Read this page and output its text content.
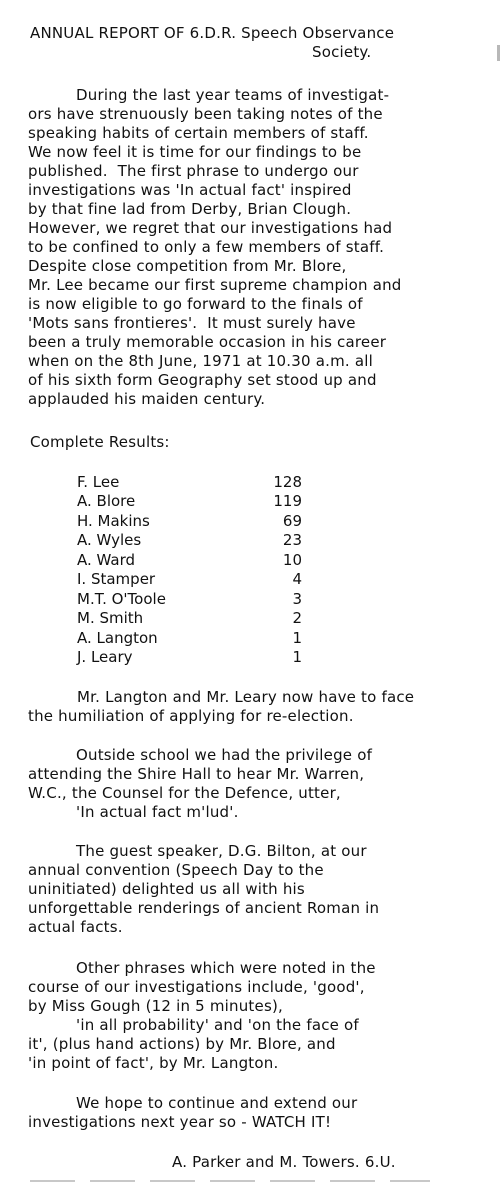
ANNUAL REPORT OF 6.D.R. Speech Observance
Society.
During the last year teams of investigat-
ors have strenuously been taking notes of the
speaking habits of certain members of staff.
We now feel it is time for our findings to be
published.  The first phrase to undergo our
investigations was 'In actual fact' inspired
by that fine lad from Derby, Brian Clough.
However, we regret that our investigations had
to be confined to only a few members of staff.
Despite close competition from Mr. Blore,
Mr. Lee became our first supreme champion and
is now eligible to go forward to the finals of
'Mots sans frontieres'.  It must surely have
been a truly memorable occasion in his career
when on the 8th June, 1971 at 10.30 a.m. all
of his sixth form Geography set stood up and
applauded his maiden century.
Complete Results:
F. Lee	128
A. Blore	119
H. Makins	69
A. Wyles	23
A. Ward	10
I. Stamper	4
M.T. O'Toole	3
M. Smith	2
A. Langton	1
J. Leary	1
Mr. Langton and Mr. Leary now have to face
the humiliation of applying for re-election.
Outside school we had the privilege of
attending the Shire Hall to hear Mr. Warren,
W.C., the Counsel for the Defence, utter,
'In actual fact m'lud'.
The guest speaker, D.G. Bilton, at our
annual convention (Speech Day to the
uninitiated) delighted us all with his
unforgettable renderings of ancient Roman in
actual facts.
Other phrases which were noted in the
course of our investigations include, 'good',
by Miss Gough (12 in 5 minutes),
'in all probability' and 'on the face of
it', (plus hand actions) by Mr. Blore, and
'in point of fact', by Mr. Langton.
We hope to continue and extend our
investigations next year so - WATCH IT!
A. Parker and M. Towers. 6.U.
